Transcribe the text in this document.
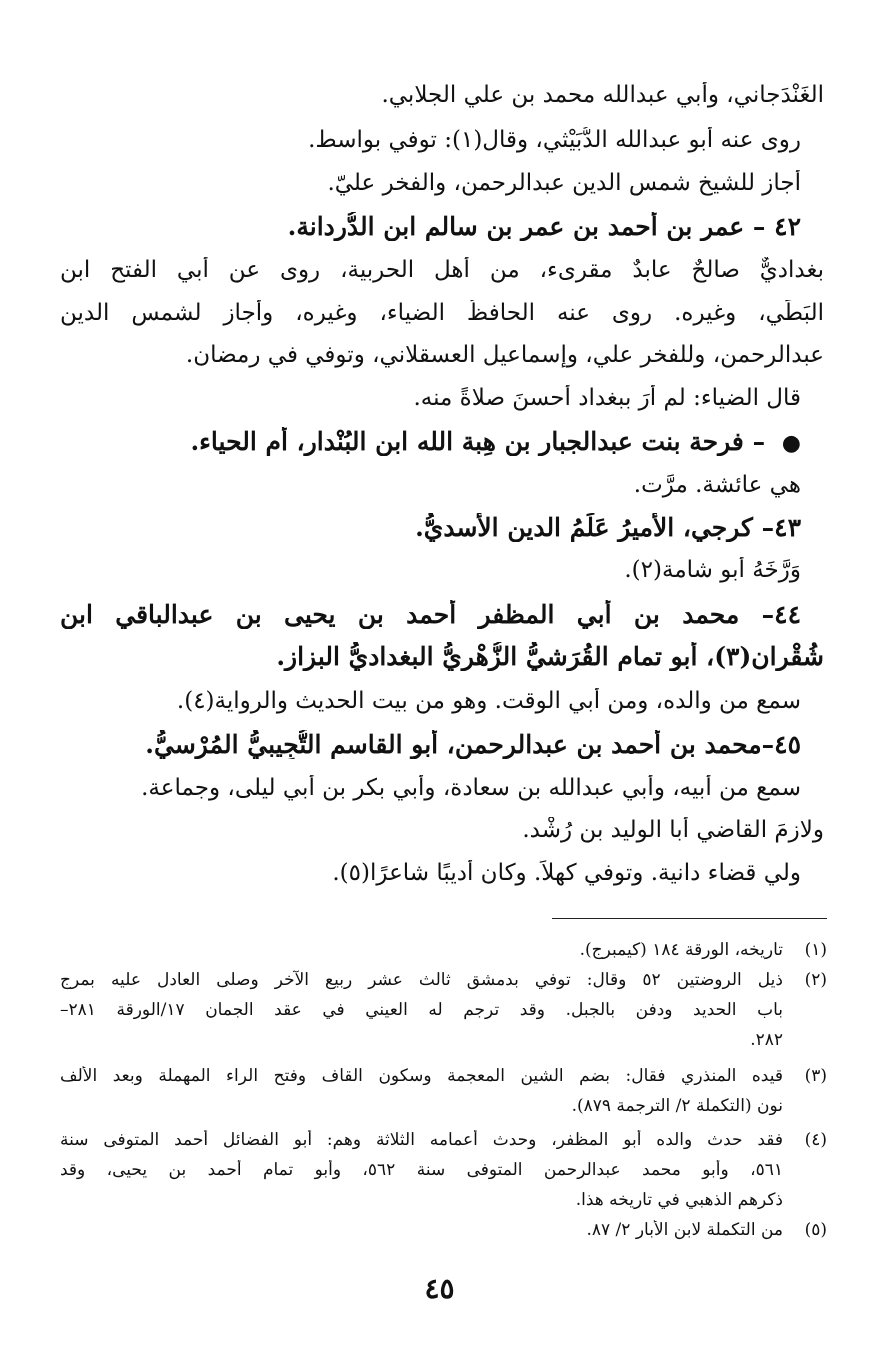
الغَنْدَجاني، وأبي عبدالله محمد بن علي الجلابي.
روى عنه أبو عبدالله الدُّبَيْثي، وقال(١): توفي بواسط.
أجاز للشيخ شمسِ الدين عبدالرحمن، والفخر عليّ.
٤٢ – عمر بن أحمد بن عمر بن سالم ابن الدُّردانة.
بغداديٌّ صالحٌ عابدٌ مقرىء، من أهل الحربية، روى عن أبي الفتح ابن
البَطِّي، وغيره. روى عنه الحافظُ الضياء، وغيره، وأجاز لشمسِ الدين
عبدالرحمن، وللفخر علي، وإسماعيل العسقلاني، وتوفي في رمضان.
قال الضياء: لم أرَ ببغداد أحسنَ صلاةً منه.
● – فرحة بنت عبدالجبار بن هِبة الله ابن البُنْدار، أم الحياء.
هي عائشة. مرَّت.
٤٣– كرجي، الأميرُ عَلَمُ الدين الأسديُّ.
وَرَّخَهُ أبو شامة(٢).
٤٤– محمد بن أبي المظفر أحمد بن يحيى بن عبدالباقي ابن
شُقْران(٣)، أبو تمام القُرَشيُّ الزُّهْريُّ البغداديُّ البزاز.
سمع من والده، ومن أبي الوقت. وهو من بيت الحديث والرواية(٤).
٤٥–محمد بن أحمد بن عبدالرحمن، أبو القاسم التُّجِيبيُّ المُرْسيُّ.
سمع من أبيه، وأبي عبدالله بن سعادة، وأبي بكر بن أبي ليلى، وجماعة.
ولازمَ القاضي أبا الوليد بن رُشْد.
ولي قضاء دانية. وتوفي كهلاً. وكان أديبًا شاعرًا(٥).
(١)
تاريخه، الورقة ١٨٤ (كيمبرج).
(٢)
ذيل الروضتين ٥٢ وقال: توفي بدمشق ثالث عشر ربيع الآخر وصلى العادل عليه بمرج
باب الحديد ودفن بالجبل. وقد ترجم له العيني في عقد الجمان ١٧/الورقة ٢٨١–
٢٨٢.
(٣)
قيده المنذري فقال: بضم الشين المعجمة وسكون القاف وفتح الراء المهملة وبعد الألف
نون (التكملة ٢/ الترجمة ٨٧٩).
(٤)
فقد حدث والده أبو المظفر، وحدث أعمامه الثلاثة وهم: أبو الفضائل أحمد المتوفى سنة
٥٦١، وأبو محمد عبدالرحمن المتوفى سنة ٥٦٢، وأبو تمام أحمد بن يحيى، وقد
ذكرهم الذهبي في تاريخه هذا.
(٥)
من التكملة لابن الأبار ٢/ ٨٧.
٤٥
